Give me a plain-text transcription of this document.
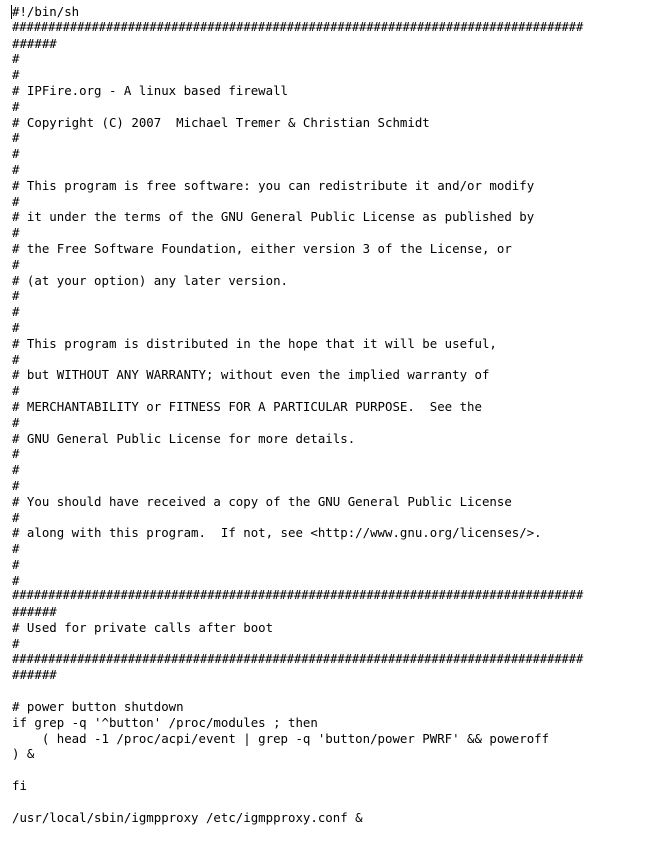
#!/bin/sh
###############################################################################
######
#
#
# IPFire.org - A linux based firewall
#
# Copyright (C) 2007  Michael Tremer & Christian Schmidt
#
#
#
# This program is free software: you can redistribute it and/or modify
#
# it under the terms of the GNU General Public License as published by
#
# the Free Software Foundation, either version 3 of the License, or
#
# (at your option) any later version.
#
#
#
# This program is distributed in the hope that it will be useful,
#
# but WITHOUT ANY WARRANTY; without even the implied warranty of
#
# MERCHANTABILITY or FITNESS FOR A PARTICULAR PURPOSE.  See the
#
# GNU General Public License for more details.
#
#
#
# You should have received a copy of the GNU General Public License
#
# along with this program.  If not, see <http://www.gnu.org/licenses/>.
#
#
#
###############################################################################
######
# Used for private calls after boot
#
###############################################################################
######
# power button shutdown
if grep -q '^button' /proc/modules ; then
( head -1 /proc/acpi/event | grep -q 'button/power PWRF' && poweroff
) &
fi
/usr/local/sbin/igmpproxy /etc/igmpproxy.conf &
